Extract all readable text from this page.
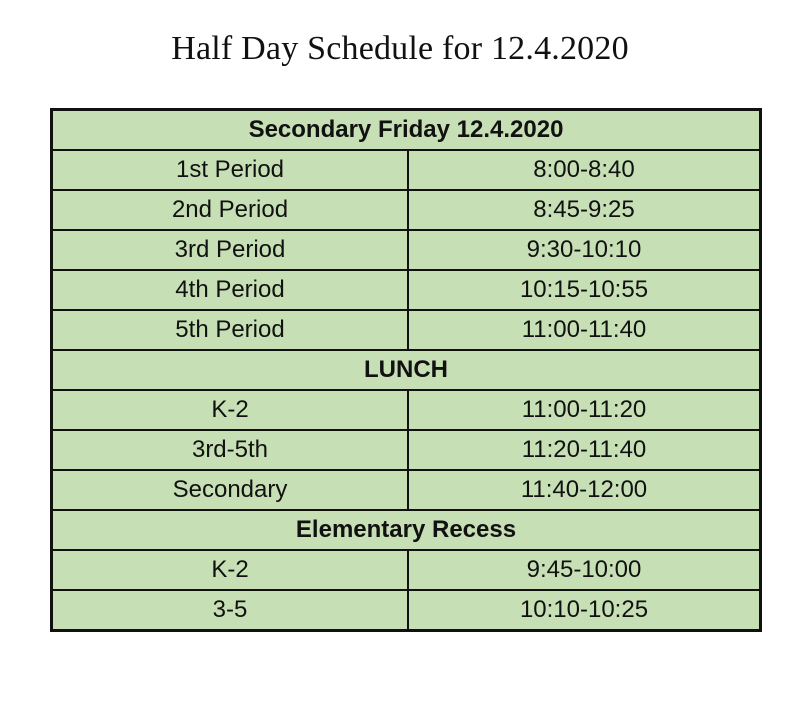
Half Day Schedule for 12.4.2020
Secondary Friday 12.4.2020	
1st Period	8:00-8:40
2nd Period	8:45-9:25
3rd Period	9:30-10:10
4th Period	10:15-10:55
5th Period	11:00-11:40
LUNCH	
K-2	11:00-11:20
3rd-5th	11:20-11:40
Secondary	11:40-12:00
Elementary Recess	
K-2	9:45-10:00
3-5	10:10-10:25
